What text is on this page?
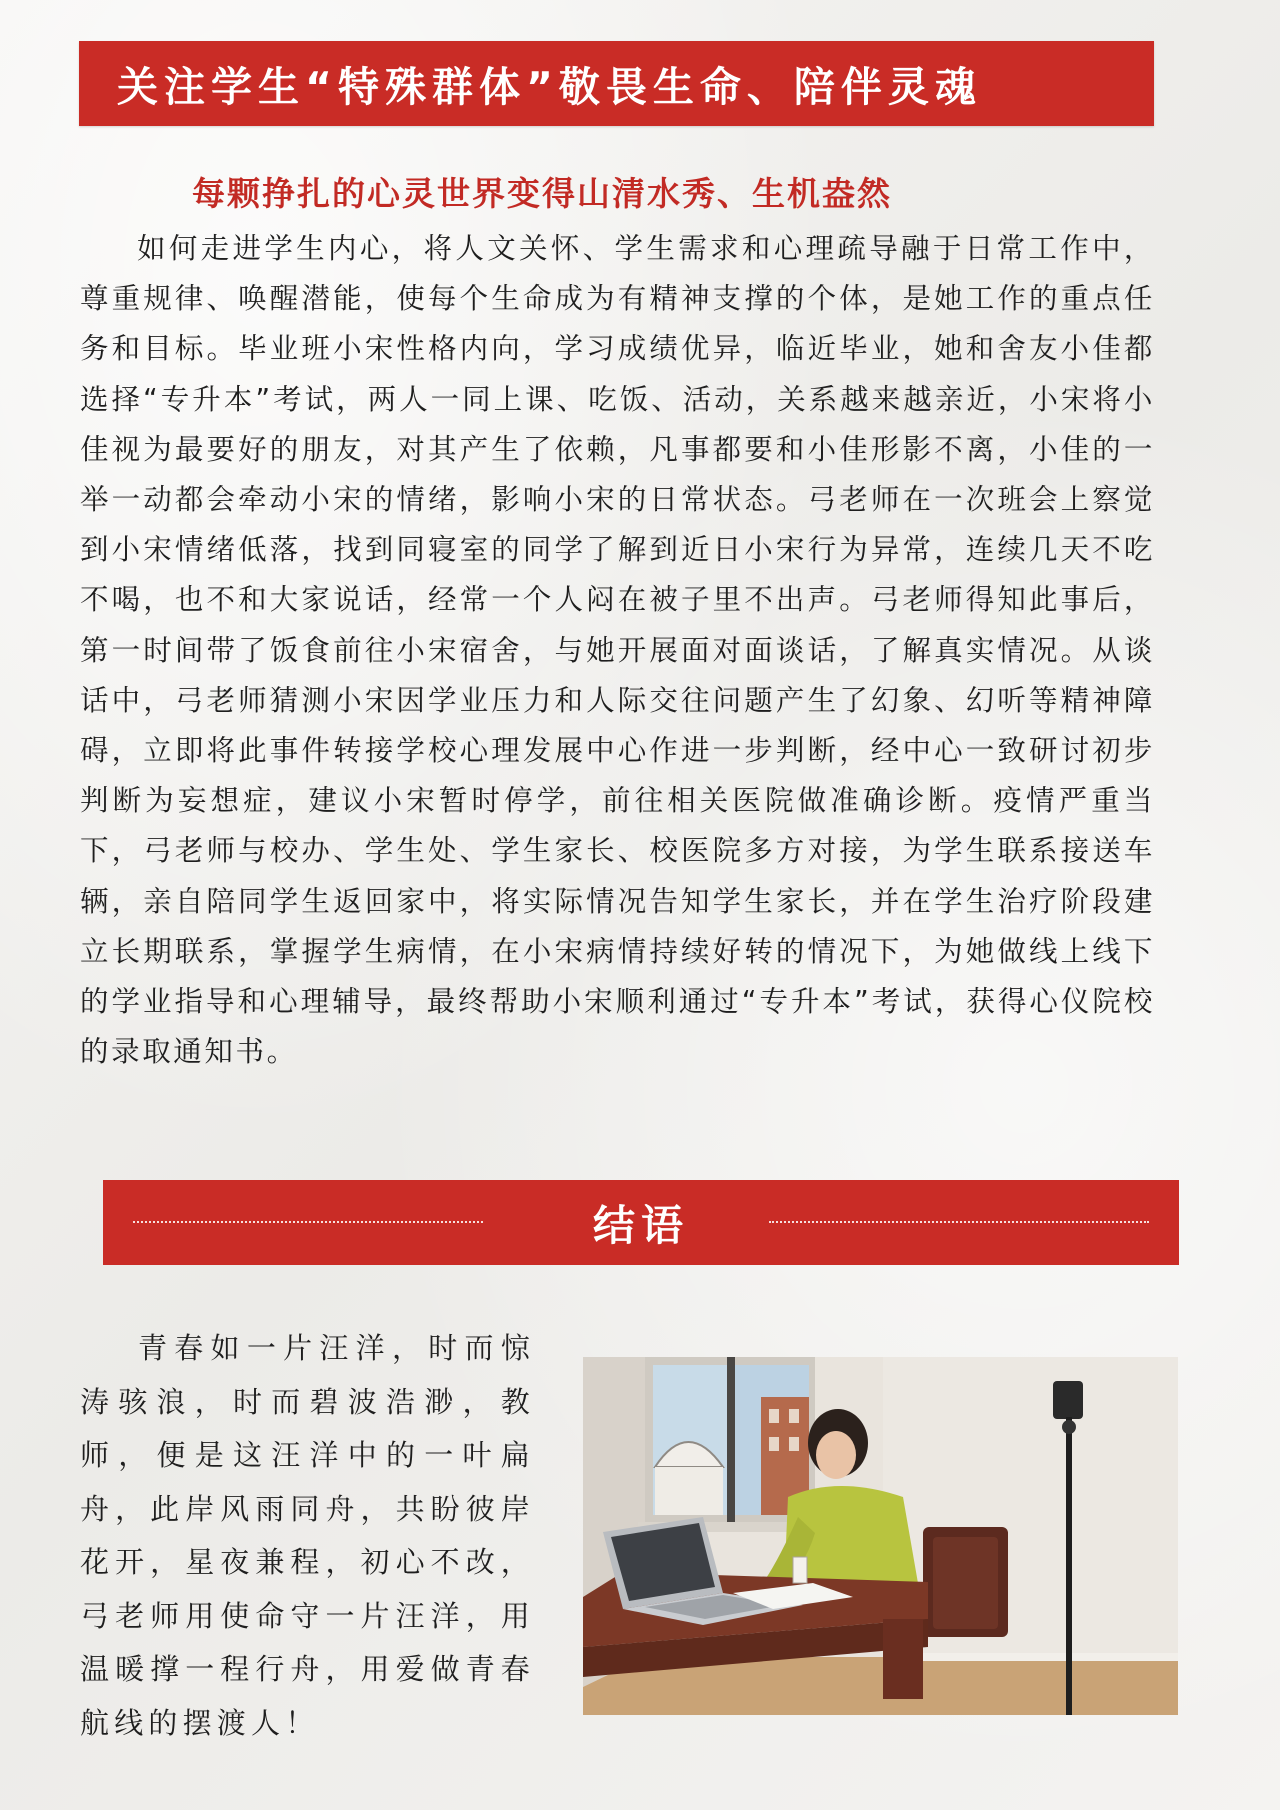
关注学生“特殊群体”敬畏生命、陪伴灵魂
每颗挣扎的心灵世界变得山清水秀、生机盎然

如何走进学生内心，将人文关怀、学生需求和心理疏导融于日常工作中，尊重规律、唤醒潜能，使每个生命成为有精神支撑的个体，是她工作的重点任务和目标。毕业班小宋性格内向，学习成绩优异，临近毕业，她和舍友小佳都选择“专升本”考试，两人一同上课、吃饭、活动，关系越来越亲近，小宋将小佳视为最要好的朋友，对其产生了依赖，凡事都要和小佳形影不离，小佳的一举一动都会牵动小宋的情绪，影响小宋的日常状态。弓老师在一次班会上察觉到小宋情绪低落，找到同寝室的同学了解到近日小宋行为异常，连续几天不吃不喝，也不和大家说话，经常一个人闷在被子里不出声。弓老师得知此事后，第一时间带了饭食前往小宋宿舍，与她开展面对面谈话，了解真实情况。从谈话中，弓老师猜测小宋因学业压力和人际交往问题产生了幻象、幻听等精神障碍，立即将此事件转接学校心理发展中心作进一步判断，经中心一致研讨初步判断为妄想症，建议小宋暂时停学，前往相关医院做准确诊断。疫情严重当下，弓老师与校办、学生处、学生家长、校医院多方对接，为学生联系接送车辆，亲自陪同学生返回家中，将实际情况告知学生家长，并在学生治疗阶段建立长期联系，掌握学生病情，在小宋病情持续好转的情况下，为她做线上线下的学业指导和心理辅导，最终帮助小宋顺利通过“专升本”考试，获得心仪院校的录取通知书。

结语

青春如一片汪洋，时而惊涛骇浪，时而碧波浩渺，教师，便是这汪洋中的一叶扁舟，此岸风雨同舟，共盼彼岸花开，星夜兼程，初心不改，弓老师用使命守一片汪洋，用温暖撑一程行舟，用爱做青春航线的摆渡人！
